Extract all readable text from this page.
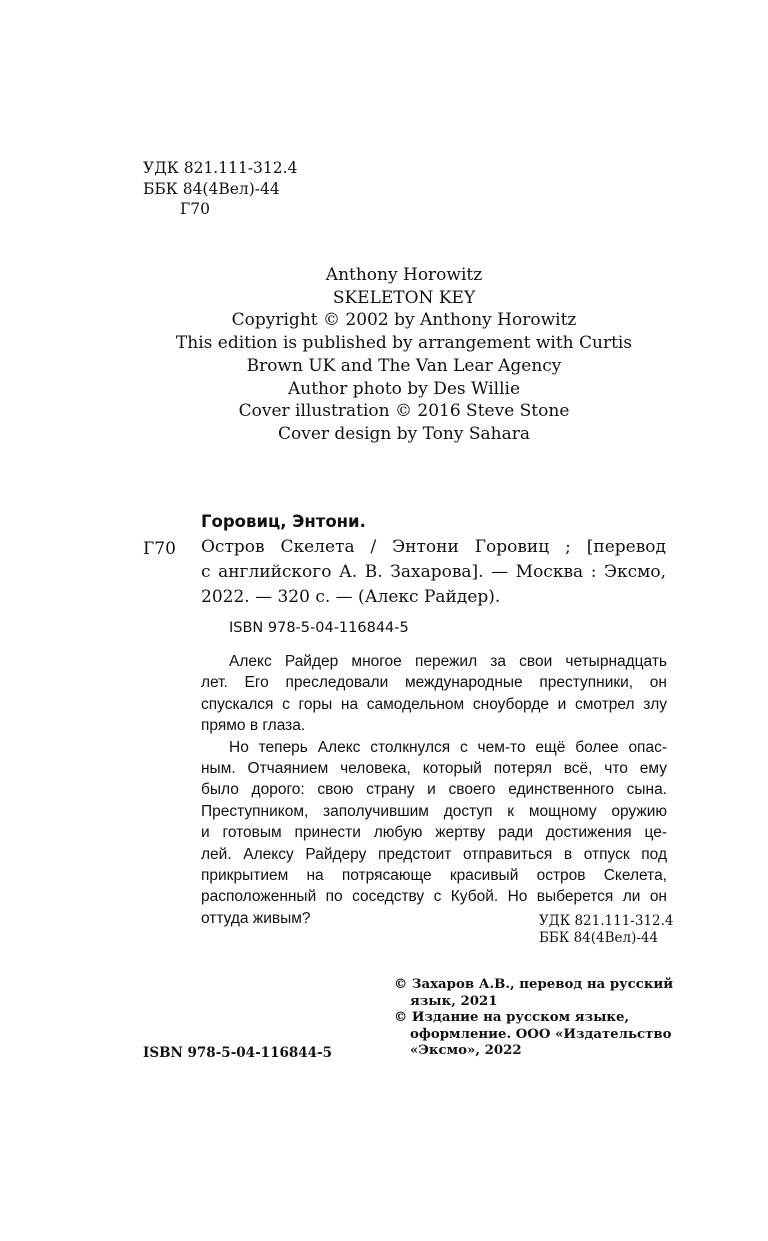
УДК 821.111-312.4
ББК 84(4Вел)-44
Г70
Anthony Horowitz
SKELETON KEY
Copyright © 2002 by Anthony Horowitz
This edition is published by arrangement with Curtis
Brown UK and The Van Lear Agency
Author photo by Des Willie
Cover illustration © 2016 Steve Stone
Cover design by Tony Sahara
Горовиц, Энтони.
Г70 Остров Скелета / Энтони Горовиц ; [перевод
с английского А. В. Захарова]. — Москва : Эксмо,
2022. — 320 с. — (Алекс Райдер).
ISBN 978-5-04-116844-5
Алекс Райдер многое пережил за свои четырнадцать
лет. Его преследовали международные преступники, он
спускался с горы на самодельном сноуборде и смотрел злу
прямо в глаза.
Но теперь Алекс столкнулся с чем-то ещё более опас-
ным. Отчаянием человека, который потерял всё, что ему
было дорого: свою страну и своего единственного сына.
Преступником, заполучившим доступ к мощному оружию
и готовым принести любую жертву ради достижения це-
лей. Алексу Райдеру предстоит отправиться в отпуск под
прикрытием на потрясающе красивый остров Скелета,
расположенный по соседству с Кубой. Но выберется ли он
оттуда живым?	УДК 821.111-312.4
ББК 84(4Вел)-44
© Захаров А.В., перевод на русский
язык, 2021
© Издание на русском языке,
оформление. ООО «Издательство
«Эксмо», 2022
ISBN 978-5-04-116844-5
